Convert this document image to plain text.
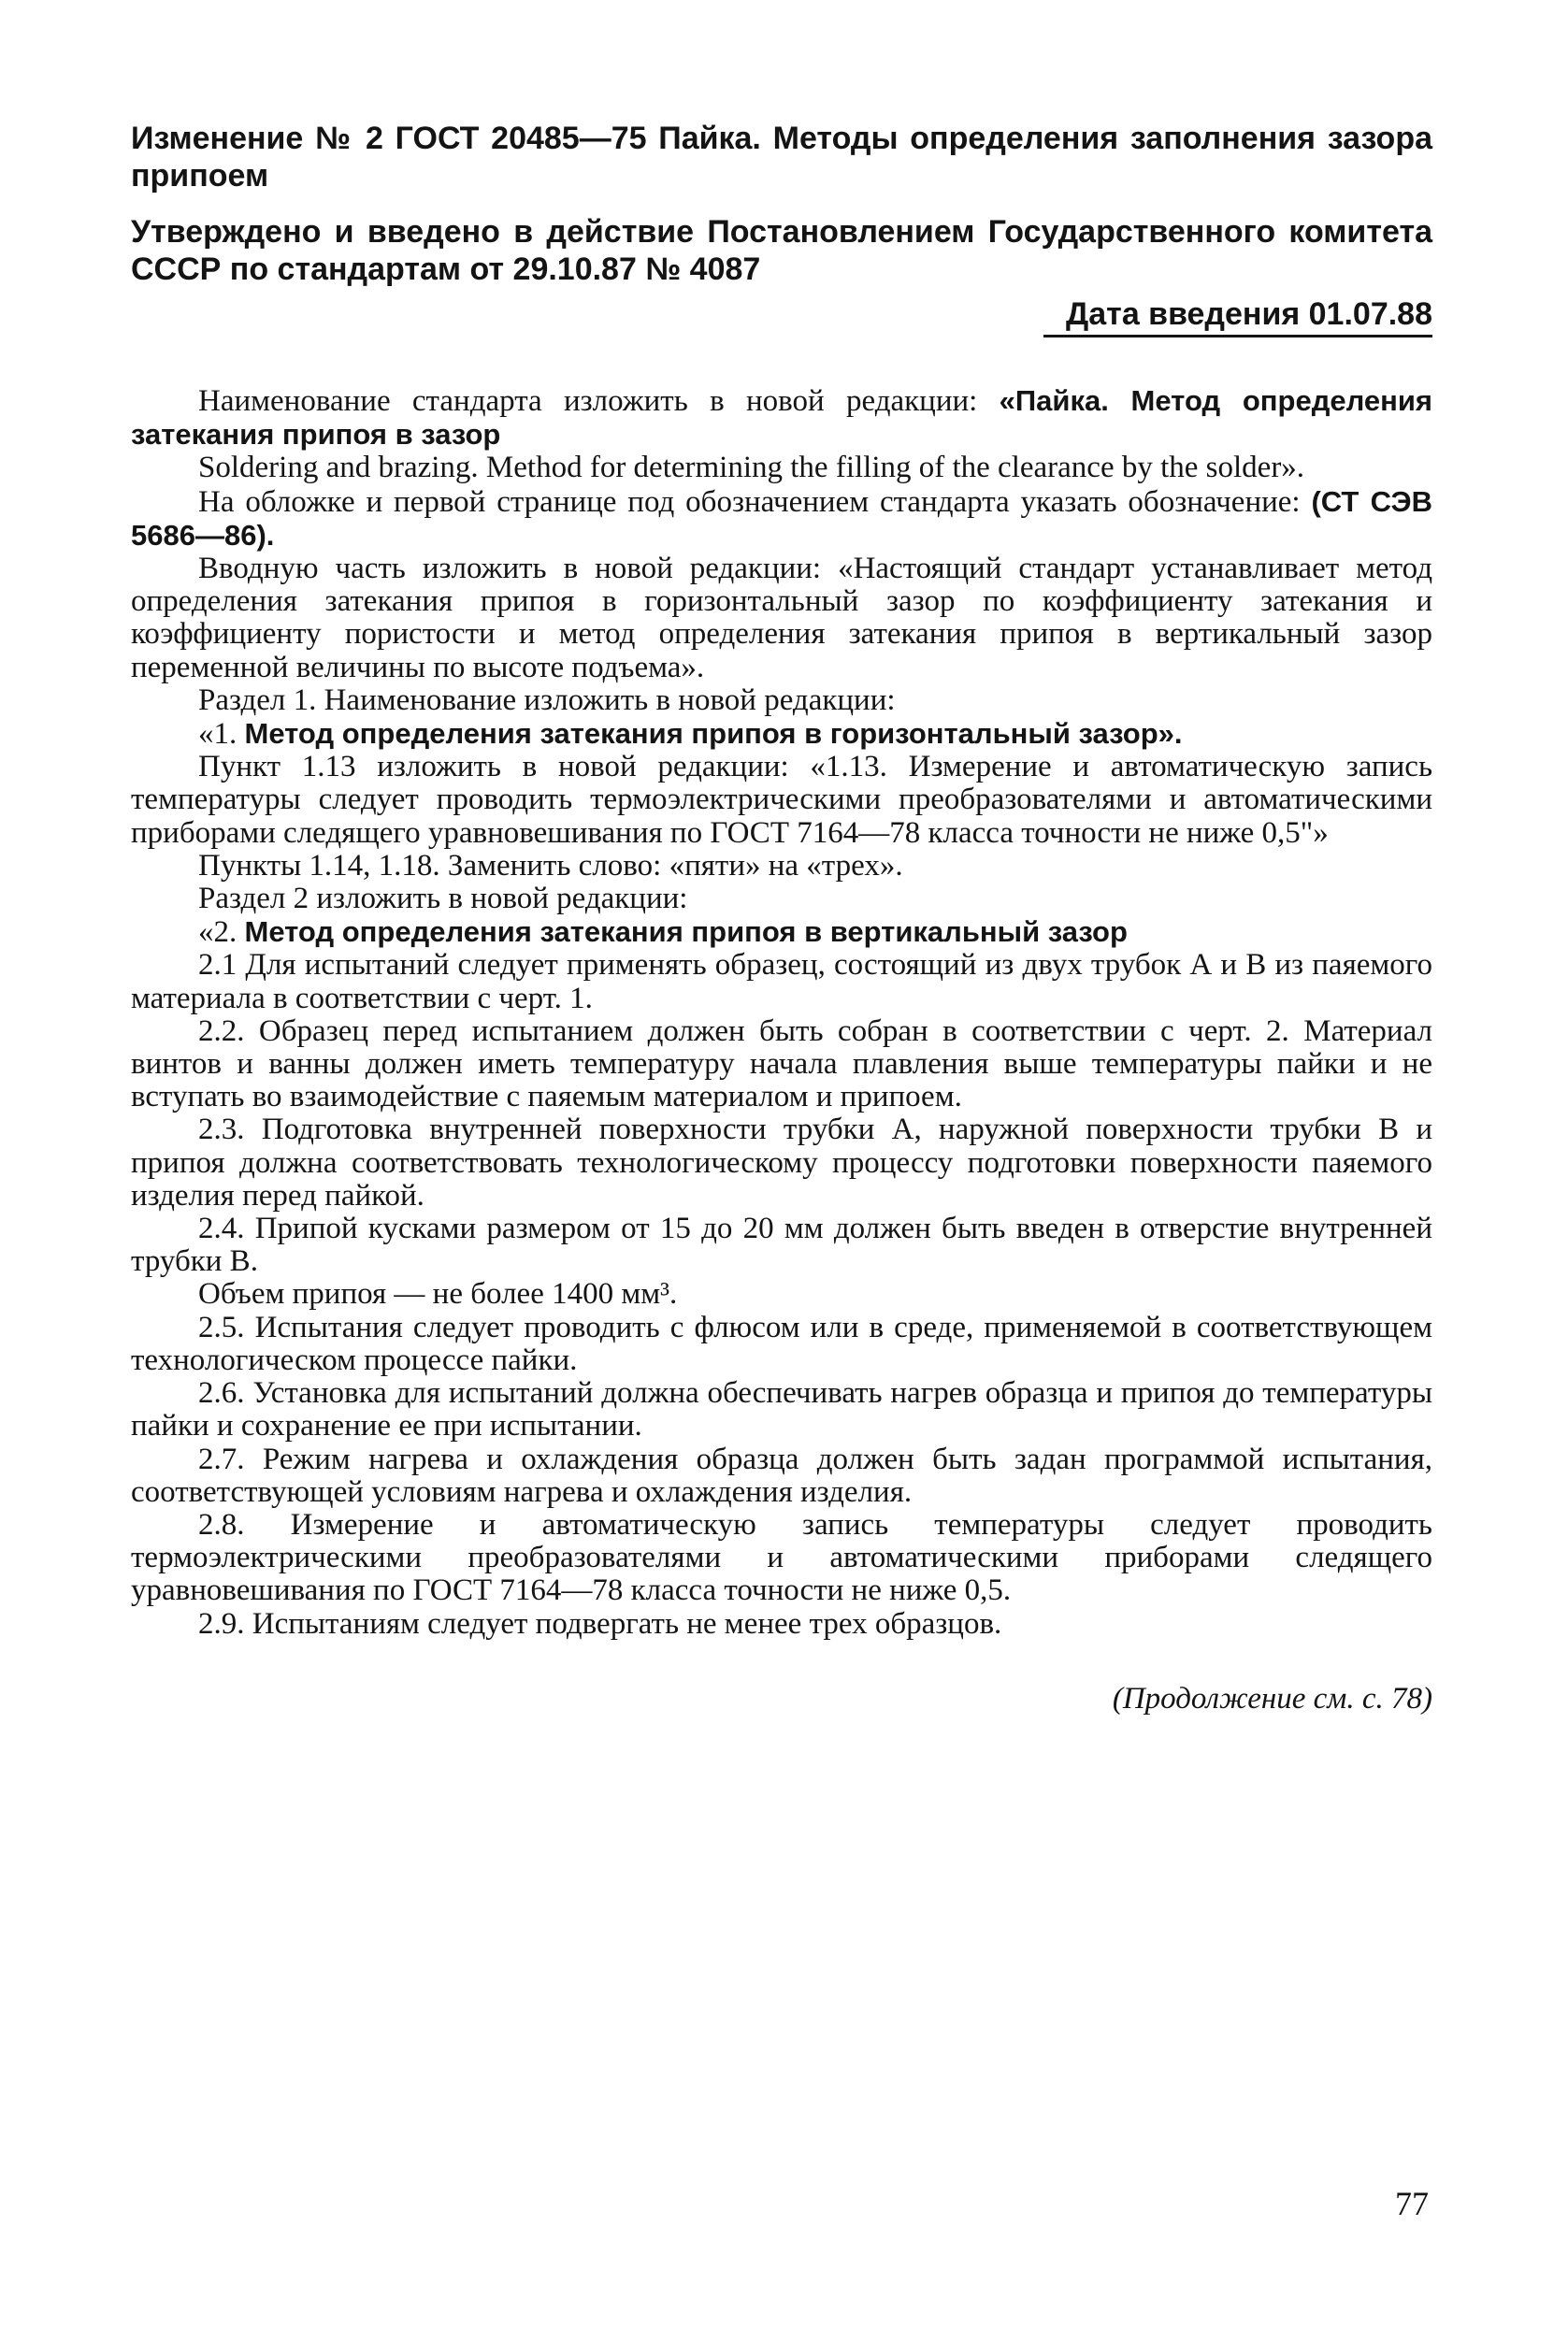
Изменение № 2 ГОСТ 20485—75 Пайка. Методы определения заполнения зазора припоем

Утверждено и введено в действие Постановлением Государственного комитета СССР по стандартам от 29.10.87 № 4087

Дата введения 01.07.88

Наименование стандарта изложить в новой редакции: «Пайка. Метод определения затекания припоя в зазор

Soldering and brazing. Method for determining the filling of the clearance by the solder».

На обложке и первой странице под обозначением стандарта указать обозначение: (СТ СЭВ 5686—86).

Вводную часть изложить в новой редакции: «Настоящий стандарт устанавливает метод определения затекания припоя в горизонтальный зазор по коэффициенту затекания и коэффициенту пористости и метод определения затекания припоя в вертикальный зазор переменной величины по высоте подъема».

Раздел 1. Наименование изложить в новой редакции:

«1. Метод определения затекания припоя в горизонтальный зазор».

Пункт 1.13 изложить в новой редакции: «1.13. Измерение и автоматическую запись температуры следует проводить термоэлектрическими преобразователями и автоматическими приборами следящего уравновешивания по ГОСТ 7164—78 класса точности не ниже 0,5"»

Пункты 1.14, 1.18. Заменить слово: «пяти» на «трех».

Раздел 2 изложить в новой редакции:

«2. Метод определения затекания припоя в вертикальный зазор

2.1 Для испытаний следует применять образец, состоящий из двух трубок А и В из паяемого материала в соответствии с черт. 1.

2.2. Образец перед испытанием должен быть собран в соответствии с черт. 2. Материал винтов и ванны должен иметь температуру начала плавления выше температуры пайки и не вступать во взаимодействие с паяемым материалом и припоем.

2.3. Подготовка внутренней поверхности трубки А, наружной поверхности трубки В и припоя должна соответствовать технологическому процессу подготовки поверхности паяемого изделия перед пайкой.

2.4. Припой кусками размером от 15 до 20 мм должен быть введен в отверстие внутренней трубки В.

Объем припоя — не более 1400 мм³.

2.5. Испытания следует проводить с флюсом или в среде, применяемой в соответствующем технологическом процессе пайки.

2.6. Установка для испытаний должна обеспечивать нагрев образца и припоя до температуры пайки и сохранение ее при испытании.

2.7. Режим нагрева и охлаждения образца должен быть задан программой испытания, соответствующей условиям нагрева и охлаждения изделия.

2.8. Измерение и автоматическую запись температуры следует проводить термоэлектрическими преобразователями и автоматическими приборами следящего уравновешивания по ГОСТ 7164—78 класса точности не ниже 0,5.

2.9. Испытаниям следует подвергать не менее трех образцов.

(Продолжение см. с. 78)
77
